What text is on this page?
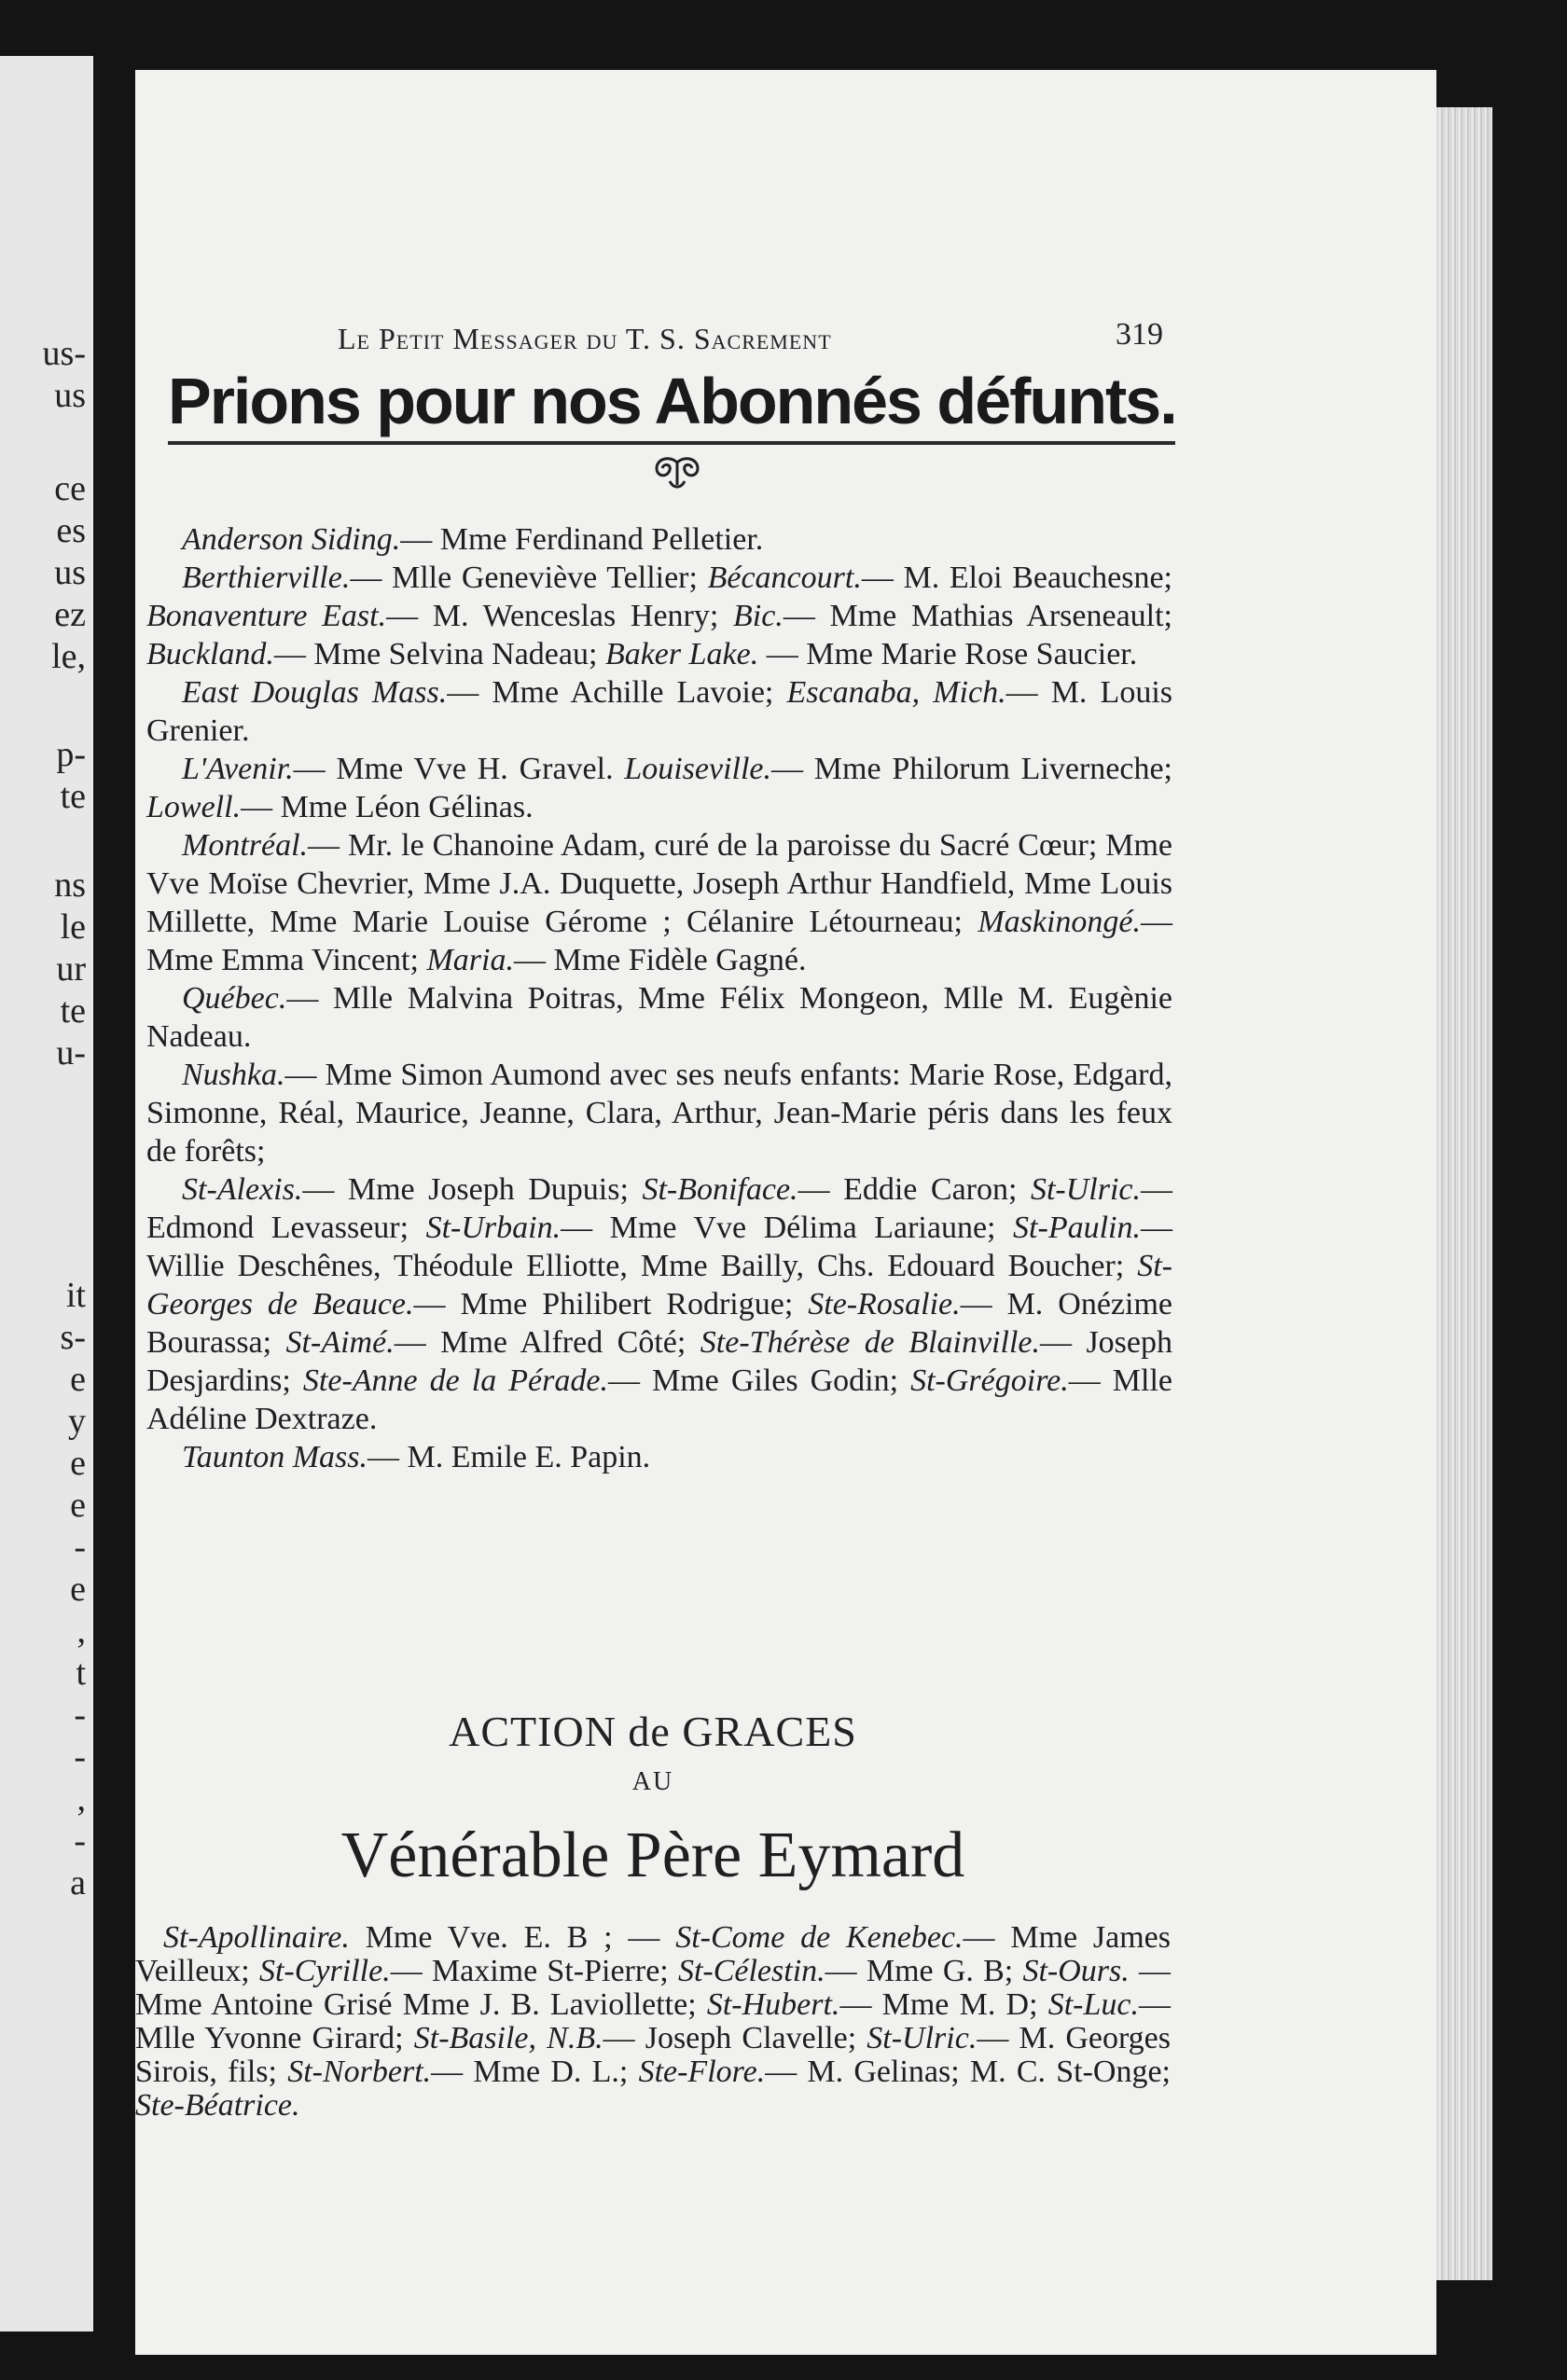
us-
us
ce
es
us
ez
le,
p-
te
ns
le
ur
te
u-
it
s-
e
y
e
e
-
e
,
t
-
-
,
-
a
Le Petit Messager du T. S. Sacrement	319
Prions pour nos Abonnés défunts.

Anderson Siding.— Mme Ferdinand Pelletier.

Berthierville.— Mlle Geneviève Tellier; Bécancourt.— M. Eloi Beauchesne; Bonaventure East.— M. Wenceslas Henry; Bic.— Mme Mathias Arseneault; Buckland.— Mme Selvina Nadeau; Baker Lake. — Mme Marie Rose Saucier.

East Douglas Mass.— Mme Achille Lavoie; Escanaba, Mich.— M. Louis Grenier.

L'Avenir.— Mme Vve H. Gravel. Louiseville.— Mme Philorum Liverneche; Lowell.— Mme Léon Gélinas.

Montréal.— Mr. le Chanoine Adam, curé de la paroisse du Sacré Cœur; Mme Vve Moïse Chevrier, Mme J.A. Duquette, Joseph Arthur Handfield, Mme Louis Millette, Mme Marie Louise Gérome ; Célanire Létourneau; Maskinongé.— Mme Emma Vincent; Maria.— Mme Fidèle Gagné.

Québec.— Mlle Malvina Poitras, Mme Félix Mongeon, Mlle M. Eugènie Nadeau.

Nushka.— Mme Simon Aumond avec ses neufs enfants: Marie Rose, Edgard, Simonne, Réal, Maurice, Jeanne, Clara, Arthur, Jean-Marie péris dans les feux de forêts;

St-Alexis.— Mme Joseph Dupuis; St-Boniface.— Eddie Caron; St-Ulric.— Edmond Levasseur; St-Urbain.— Mme Vve Délima Lariaune; St-Paulin.— Willie Deschênes, Théodule Elliotte, Mme Bailly, Chs. Edouard Boucher; St-Georges de Beauce.— Mme Philibert Rodrigue; Ste-Rosalie.— M. Onézime Bourassa; St-Aimé.— Mme Alfred Côté; Ste-Thérèse de Blainville.— Joseph Desjardins; Ste-Anne de la Pérade.— Mme Giles Godin; St-Grégoire.— Mlle Adéline Dextraze.

Taunton Mass.— M. Emile E. Papin.

ACTION de GRACES
AU
Vénérable Père Eymard

St-Apollinaire. Mme Vve. E. B ; — St-Come de Kenebec.— Mme James Veilleux; St-Cyrille.— Maxime St-Pierre; St-Célestin.— Mme G. B; St-Ours. — Mme Antoine Grisé Mme J. B. Laviollette; St-Hubert.— Mme M. D; St-Luc.— Mlle Yvonne Girard; St-Basile, N.B.— Joseph Clavelle; St-Ulric.— M. Georges Sirois, fils; St-Norbert.— Mme D. L.; Ste-Flore.— M. Gelinas; M. C. St-Onge; Ste-Béatrice.
